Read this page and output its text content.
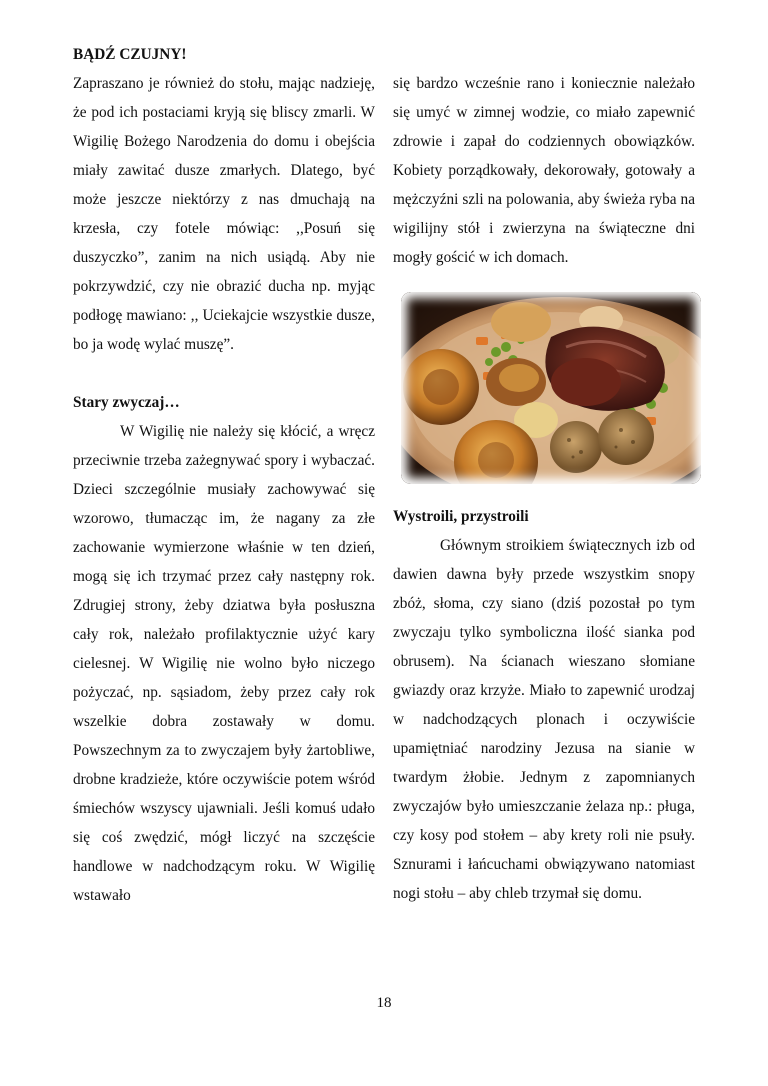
BĄDŹ CZUJNY!

Zapraszano je również do stołu, mając nadzieję, że pod ich postaciami kryją się bliscy zmarli. W Wigilię Bożego Narodzenia do domu i obejścia miały zawitać dusze zmarłych. Dlatego, być może jeszcze niektórzy z nas dmuchają na krzesła, czy fotele mówiąc: ,,Posuń się duszyczko”, zanim na nich usiądą. Aby nie pokrzywdzić, czy nie obrazić ducha np. myjąc podłogę mawiano: ,, Uciekajcie wszystkie dusze, bo ja wodę wylać muszę”.

Stary zwyczaj…

W Wigilię nie należy się kłócić, a wręcz przeciwnie trzeba zażegnywać spory i wybaczać. Dzieci szczególnie musiały zachowywać się wzorowo, tłumacząc im, że nagany za złe zachowanie wymierzone właśnie w ten dzień, mogą się ich trzymać przez cały następny rok. Zdrugiej strony, żeby dziatwa była posłuszna cały rok, należało profilaktycznie użyć kary cielesnej. W Wigilię nie wolno było niczego pożyczać, np. sąsiadom, żeby przez cały rok wszelkie dobra zostawały w domu. Powszechnym za to zwyczajem były żartobliwe, drobne kradzieże, które oczywiście potem wśród śmiechów wszyscy ujawniali. Jeśli komuś udało się coś zwędzić, mógł liczyć na szczęście handlowe w nadchodzącym roku. W Wigilię wstawało

się bardzo wcześnie rano i koniecznie należało się umyć w zimnej wodzie, co miało zapewnić zdrowie i zapał do codziennych obowiązków. Kobiety porządkowały, dekorowały, gotowały a mężczyźni szli na polowania, aby świeża ryba na wigilijny stół i zwierzyna na świąteczne dni mogły gościć w ich domach.

Wystroili, przystroili

Głównym stroikiem świątecznych izb od dawien dawna były przede wszystkim snopy zbóż, słoma, czy siano (dziś pozostał po tym zwyczaju tylko symboliczna ilość sianka pod obrusem). Na ścianach wieszano słomiane gwiazdy oraz krzyże. Miało to zapewnić urodzaj w nadchodzących plonach i oczywiście upamiętniać narodziny Jezusa na sianie w twardym żłobie. Jednym z zapomnianych zwyczajów było umieszczanie żelaza np.: pługa, czy kosy pod stołem – aby krety roli nie psuły. Sznurami i łańcuchami obwiązywano natomiast nogi stołu – aby chleb trzymał się domu.

18
